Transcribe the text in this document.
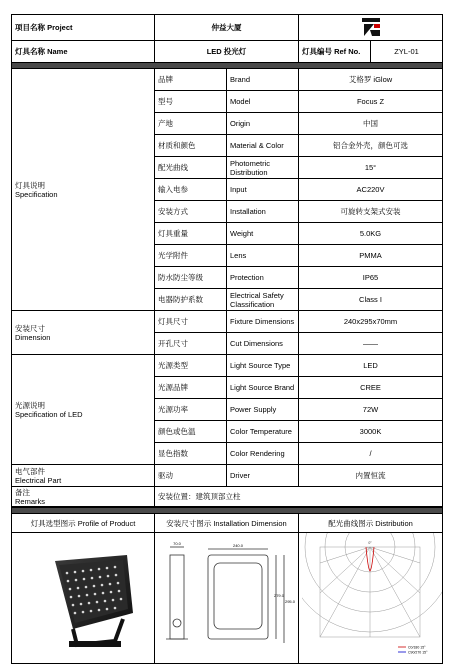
项目名称 Project	仲益大厦	
灯具名称 Name	LED 投光灯		灯具编号 Ref No.	ZYL-01

灯具说明
Specification	品牌	Brand	艾格罗 iGlow	
	型号	Model	Focus Z	
	产地	Origin	中国	
	材质和颜色	Material & Color	铝合金外壳，颜色可选	
	配光曲线	Photometric Distribution	15°	
	输入电参	Input	AC220V	
	安装方式	Installation	可旋转支架式安装	
	灯具重量	Weight	5.0KG	
	光学附件	Lens	PMMA	
	防水防尘等级	Protection	IP65	
	电器防护系数	Electrical Safety Classification	Class I	
安装尺寸
Dimension	灯具尺寸	Fixture Dimensions	240x295x70mm	
	开孔尺寸	Cut Dimensions	——	
光源说明
Specification of LED	光源类型	Light Source Type	LED	
	光源品牌	Light Source Brand	CREE	
	光源功率	Power Supply	72W	
	颜色或色温	Color Temperature	3000K	
	显色指数	Color Rendering	/	
电气部件
Electrical Part	驱动	Driver	内置恒流	
备注
Remarks	安装位置：建筑顶部立柱			

灯具选型图示 Profile of Product	安装尺寸图示 Installation Dimension	配光曲线图示 Distribution

70.0 240.0
279.0
295.0	0°
C0/180 15°
C90/270 15°
